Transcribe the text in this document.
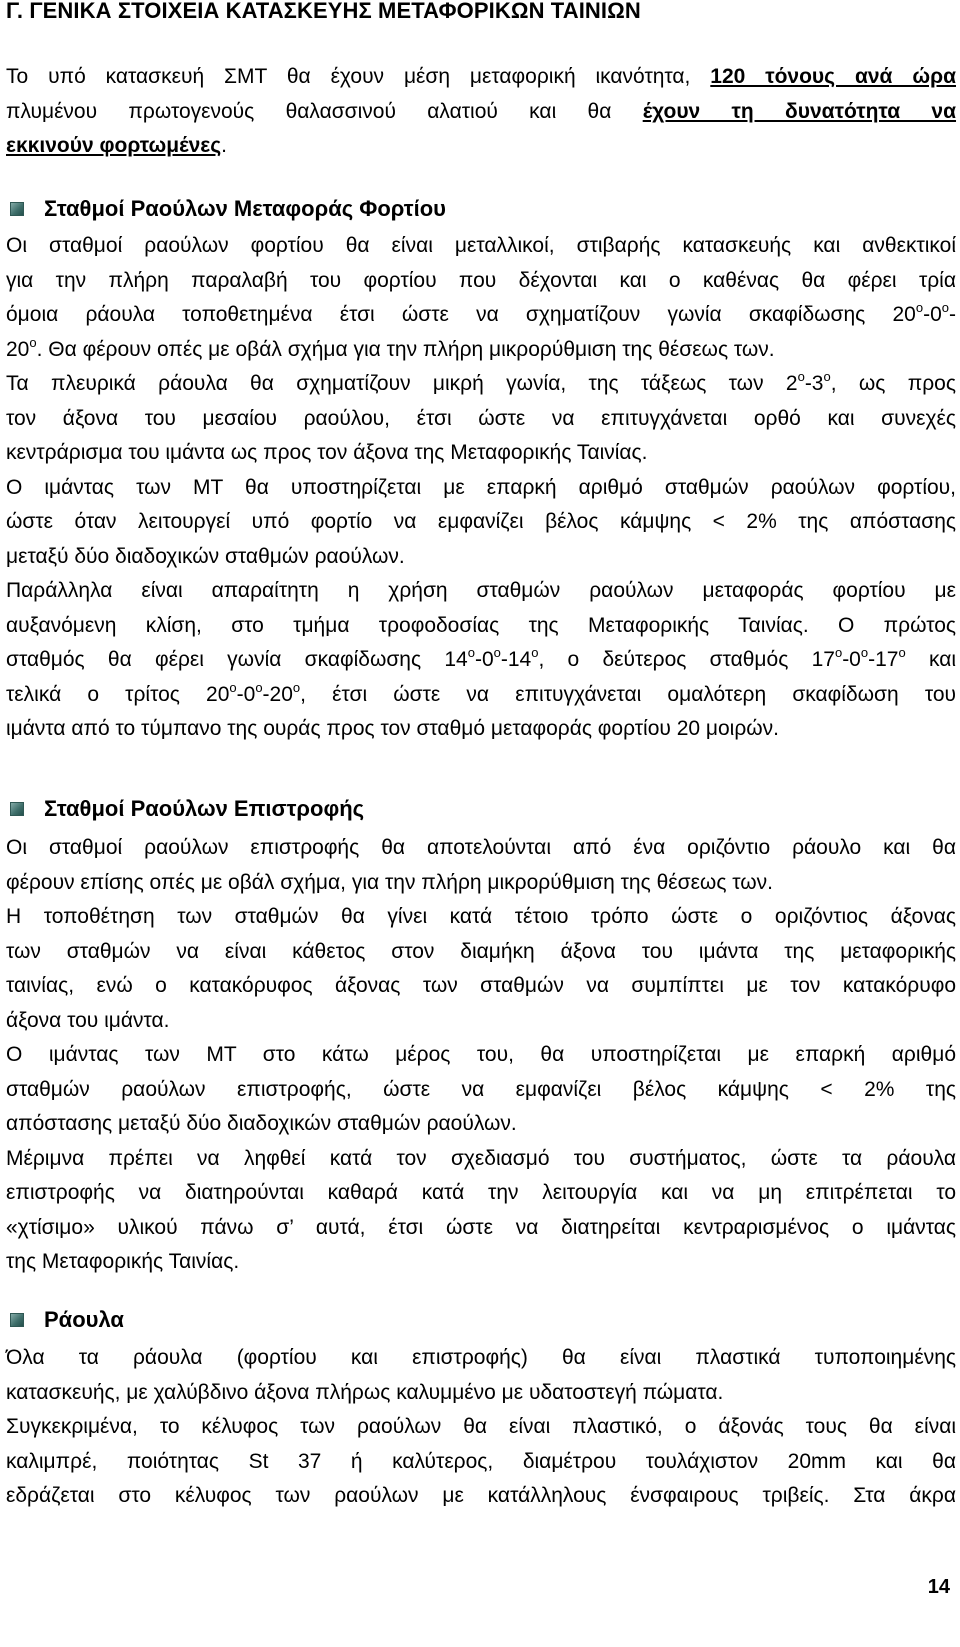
Γ. ΓΕΝΙΚΑ ΣΤΟΙΧΕΙΑ ΚΑΤΑΣΚΕΥΗΣ ΜΕΤΑΦΟΡΙΚΩΝ ΤΑΙΝΙΩΝ
Το υπό κατασκευή ΣΜΤ θα έχουν μέση μεταφορική ικανότητα, 120 τόνους ανά ώρα
πλυμένου πρωτογενούς θαλασσινού αλατιού και θα έχουν τη δυνατότητα να
εκκινούν φορτωμένες.
Σταθμοί Ραούλων Μεταφοράς Φορτίου
Οι σταθμοί ραούλων φορτίου θα είναι μεταλλικοί, στιβαρής κατασκευής και ανθεκτικοί
για την πλήρη παραλαβή του φορτίου που δέχονται και ο καθένας θα φέρει τρία
όμοια ράουλα τοποθετημένα έτσι ώστε να σχηματίζουν γωνία σκαφίδωσης $20^o-0^o-$
$20^o$. Θα φέρουν οπές με οβάλ σχήμα για την πλήρη μικρορύθμιση της θέσεως των.
Τα πλευρικά ράουλα θα σχηματίζουν μικρή γωνία, της τάξεως των $2^o-3^o$, ως προς
τον άξονα του μεσαίου ραούλου, έτσι ώστε να επιτυγχάνεται ορθό και συνεχές
κεντράρισμα του ιμάντα ως προς τον άξονα της Μεταφορικής Ταινίας.
Ο ιμάντας των ΜΤ θα υποστηρίζεται με επαρκή αριθμό σταθμών ραούλων φορτίου,
ώστε όταν λειτουργεί υπό φορτίο να εμφανίζει βέλος κάμψης < 2% της απόστασης
μεταξύ δύο διαδοχικών σταθμών ραούλων.
Παράλληλα είναι απαραίτητη η χρήση σταθμών ραούλων μεταφοράς φορτίου με
αυξανόμενη κλίση, στο τμήμα τροφοδοσίας της Μεταφορικής Ταινίας. Ο πρώτος
σταθμός θα φέρει γωνία σκαφίδωσης $14^o-0^o-14^o$, ο δεύτερος σταθμός $17^o-0^o-17^o$ και
τελικά ο τρίτος $20^o-0^o-20^o$, έτσι ώστε να επιτυγχάνεται ομαλότερη σκαφίδωση του
ιμάντα από το τύμπανο της ουράς προς τον σταθμό μεταφοράς φορτίου 20 μοιρών.
Σταθμοί Ραούλων Επιστροφής
Οι σταθμοί ραούλων επιστροφής θα αποτελούνται από ένα οριζόντιο ράουλο και θα
φέρουν επίσης οπές με οβάλ σχήμα, για την πλήρη μικρορύθμιση της θέσεως των.
Η τοποθέτηση των σταθμών θα γίνει κατά τέτοιο τρόπο ώστε ο οριζόντιος άξονας
των σταθμών να είναι κάθετος στον διαμήκη άξονα του ιμάντα της μεταφορικής
ταινίας, ενώ ο κατακόρυφος άξονας των σταθμών να συμπίπτει με τον κατακόρυφο
άξονα του ιμάντα.
Ο ιμάντας των ΜΤ στο κάτω μέρος του, θα υποστηρίζεται με επαρκή αριθμό
σταθμών ραούλων επιστροφής, ώστε να εμφανίζει βέλος κάμψης < 2% της
απόστασης μεταξύ δύο διαδοχικών σταθμών ραούλων.
Μέριμνα πρέπει να ληφθεί κατά τον σχεδιασμό του συστήματος, ώστε τα ράουλα
επιστροφής να διατηρούνται καθαρά κατά την λειτουργία και να μη επιτρέπεται το
«χτίσιμο» υλικού πάνω σ’ αυτά, έτσι ώστε να διατηρείται κεντραρισμένος ο ιμάντας
της Μεταφορικής Ταινίας.
Ράουλα
Όλα τα ράουλα (φορτίου και επιστροφής) θα είναι πλαστικά τυποποιημένης
κατασκευής, με χαλύβδινο άξονα πλήρως καλυμμένο με υδατοστεγή πώματα.
Συγκεκριμένα, το κέλυφος των ραούλων θα είναι πλαστικό, ο άξονάς τους θα είναι
καλιμπρέ, ποιότητας St 37 ή καλύτερος, διαμέτρου τουλάχιστον 20mm και θα
εδράζεται στο κέλυφος των ραούλων με κατάλληλους ένσφαιρους τριβείς. Στα άκρα
14
